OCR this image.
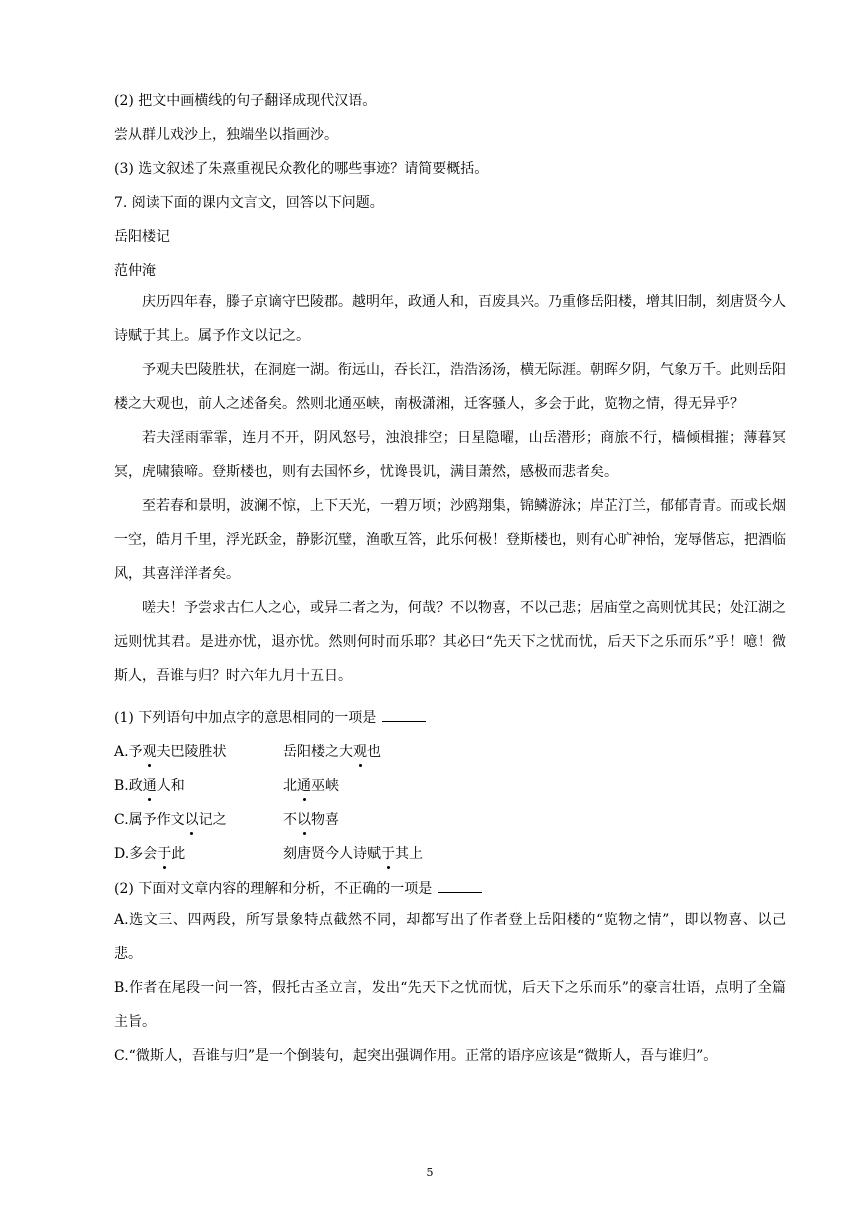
(2) 把文中画横线的句子翻译成现代汉语。
尝从群儿戏沙上，独端坐以指画沙。
(3) 选文叙述了朱熹重视民众教化的哪些事迹？请简要概括。
7. 阅读下面的课内文言文，回答以下问题。
岳阳楼记
范仲淹

庆历四年春，滕子京谪守巴陵郡。越明年，政通人和，百废具兴。乃重修岳阳楼，增其旧制，刻唐贤今人诗赋于其上。属予作文以记之。

予观夫巴陵胜状，在洞庭一湖。衔远山，吞长江，浩浩汤汤，横无际涯。朝晖夕阴，气象万千。此则岳阳楼之大观也，前人之述备矣。然则北通巫峡，南极潇湘，迁客骚人，多会于此，览物之情，得无异乎？

若夫淫雨霏霏，连月不开，阴风怒号，浊浪排空；日星隐曜，山岳潜形；商旅不行，樯倾楫摧；薄暮冥冥，虎啸猿啼。登斯楼也，则有去国怀乡，忧谗畏讥，满目萧然，感极而悲者矣。

至若春和景明，波澜不惊，上下天光，一碧万顷；沙鸥翔集，锦鳞游泳；岸芷汀兰，郁郁青青。而或长烟一空，皓月千里，浮光跃金，静影沉璧，渔歌互答，此乐何极！登斯楼也，则有心旷神怡，宠辱偕忘，把酒临风，其喜洋洋者矣。

嗟夫！予尝求古仁人之心，或异二者之为，何哉？不以物喜，不以己悲；居庙堂之高则忧其民；处江湖之远则忧其君。是进亦忧，退亦忧。然则何时而乐耶？其必曰“先天下之忧而忧，后天下之乐而乐”乎！噫！微斯人，吾谁与归？时六年九月十五日。

(1) 下列语句中加点字的意思相同的一项是
A.予观夫巴陵胜状	岳阳楼之大观也
B.政通人和	北通巫峡
C.属予作文以记之	不以物喜
D.多会于此	刻唐贤今人诗赋于其上
(2) 下面对文章内容的理解和分析，不正确的一项是
A.选文三、四两段，所写景象特点截然不同，却都写出了作者登上岳阳楼的“览物之情”，即以物喜、以己悲。
B.作者在尾段一问一答，假托古圣立言，发出“先天下之忧而忧，后天下之乐而乐”的豪言壮语，点明了全篇主旨。
C.“微斯人，吾谁与归”是一个倒装句，起突出强调作用。正常的语序应该是“微斯人，吾与谁归”。
5
